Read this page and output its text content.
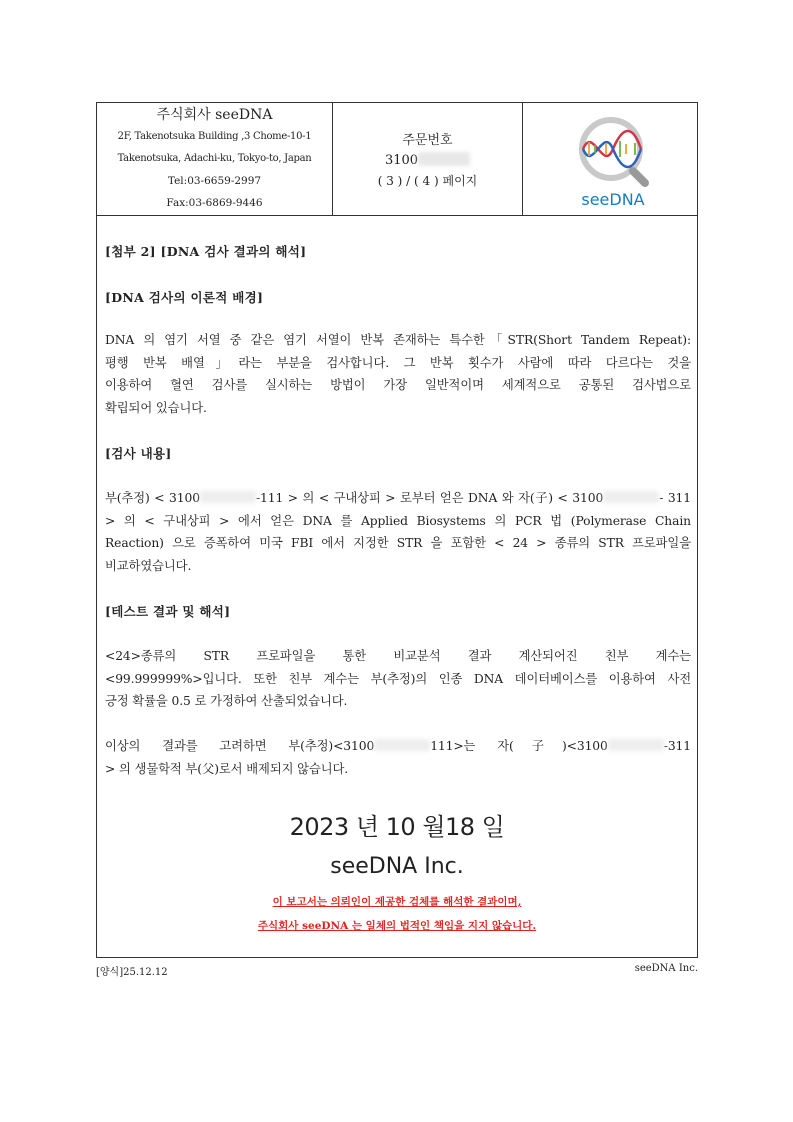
주식회사 seeDNA
2F, Takenotsuka Building ,3 Chome-10-1
Takenotsuka, Adachi-ku, Tokyo-to, Japan
Tel:03-6659-2997
Fax:03-6869-9446
주문번호
3100
( 3 ) / ( 4 ) 페이지
seeDNA
[첨부 2] [DNA 검사 결과의 해석]
[DNA 검사의 이론적 배경]
DNA 의 염기 서열 중 같은 염기 서열이 반복 존재하는 특수한「STR(Short Tandem Repeat):
평행 반복 배열」라는 부분을 검사합니다. 그 반복 횟수가 사람에 따라 다르다는 것을
이용하여 혈연 검사를 실시하는 방법이 가장 일반적이며 세계적으로 공통된 검사법으로
확립되어 있습니다.
[검사 내용]
부(추정) < 3100	-111 > 의 < 구내상피 > 로부터 얻은 DNA 와 자(子) < 3100	- 311
> 의 < 구내상피 > 에서 얻은 DNA 를 Applied Biosystems 의 PCR 법 (Polymerase Chain
Reaction) 으로 증폭하여 미국 FBI 에서 지정한 STR 을 포함한 < 24 > 종류의 STR 프로파일을
비교하였습니다.
[테스트 결과 및 해석]
<24>종류의 STR 프로파일을 통한 비교분석 결과 계산되어진 친부 계수는
<99.999999%>입니다. 또한 친부 계수는 부(추정)의 인종 DNA 데이터베이스를 이용하여 사전
긍정 확률을 0.5 로 가정하여 산출되었습니다.
이상의 결과를 고려하면 부(추정)<3100	111>는 자(子)<3100	-311
> 의 생물학적 부(父)로서 배제되지 않습니다.
2023 년 10 월18 일
seeDNA Inc.
이 보고서는 의뢰인이 제공한 검체를 해석한 결과이며,
주식회사 seeDNA 는 일체의 법적인 책임을 지지 않습니다.
[양식]25.12.12	seeDNA Inc.
